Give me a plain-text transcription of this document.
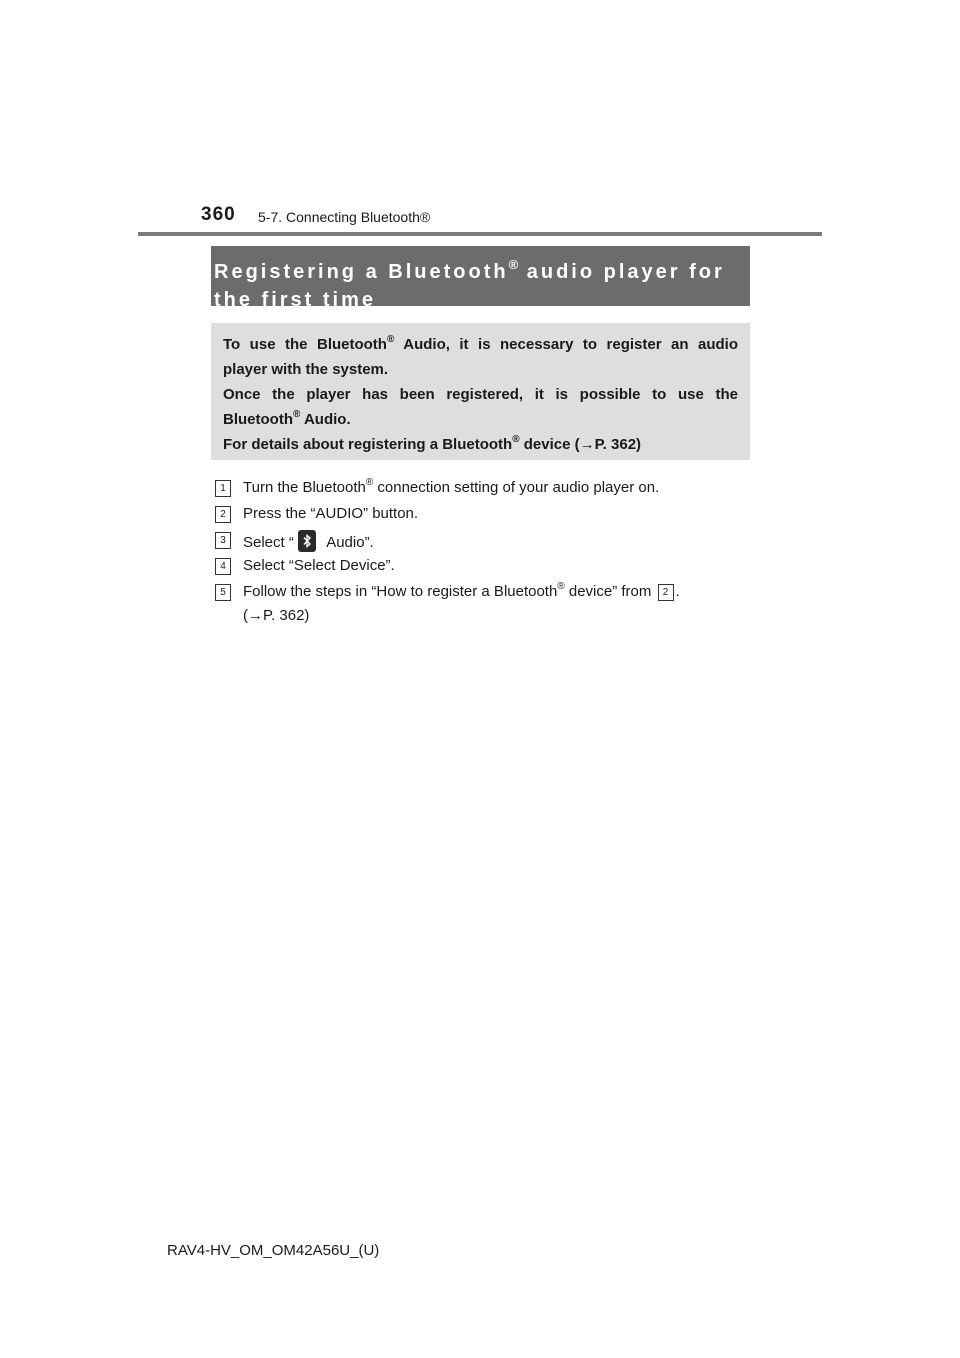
360 5-7. Connecting Bluetooth®
Registering a Bluetooth® audio player for
the first time
To use the Bluetooth® Audio, it is necessary to register an audio
player with the system.
Once the player has been registered, it is possible to use the
Bluetooth® Audio.
For details about registering a Bluetooth® device (→P. 362)
1	Turn the Bluetooth® connection setting of your audio player on.
2	Press the “AUDIO” button.
3	Select “
Audio”.
4	Select “Select Device”.
5	Follow the steps in “How to register a Bluetooth® device” from 2 .
(→P. 362)
RAV4-HV_OM_OM42A56U_(U)
